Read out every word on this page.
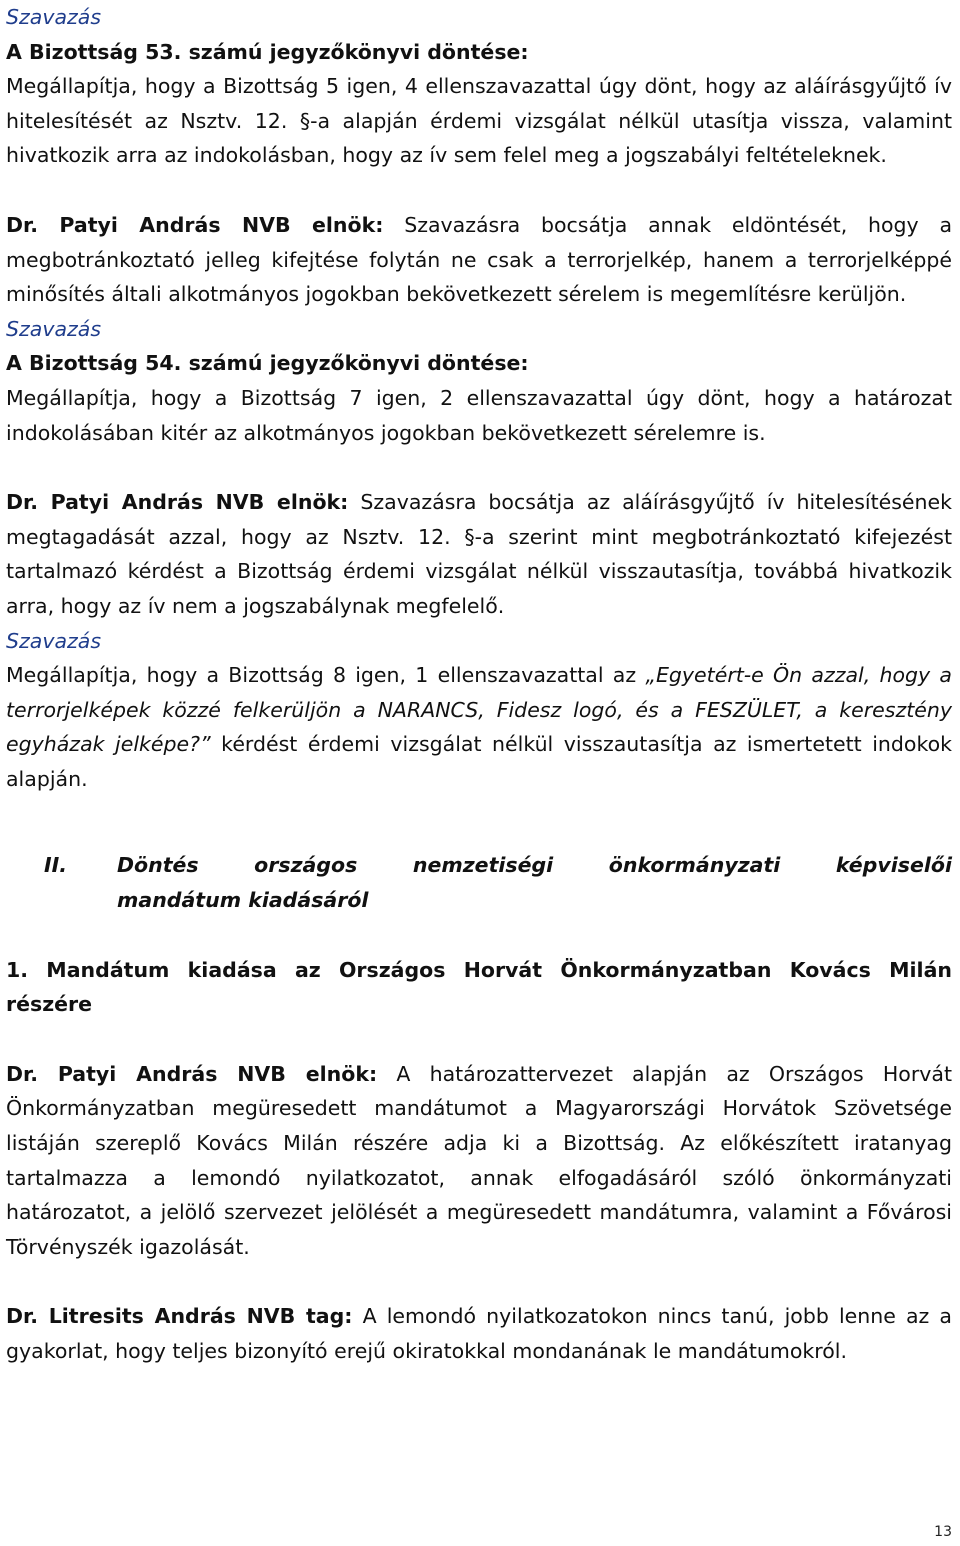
Szavazás

A Bizottság 53. számú jegyzőkönyvi döntése:

Megállapítja, hogy a Bizottság 5 igen, 4 ellenszavazattal úgy dönt, hogy az aláírásgyűjtő ív hitelesítését az Nsztv. 12. §-a alapján érdemi vizsgálat nélkül utasítja vissza, valamint hivatkozik arra az indokolásban, hogy az ív sem felel meg a jogszabályi feltételeknek.

Dr. Patyi András NVB elnök: Szavazásra bocsátja annak eldöntését, hogy a megbotránkoztató jelleg kifejtése folytán ne csak a terrorjelkép, hanem a terrorjelképpé minősítés általi alkotmányos jogokban bekövetkezett sérelem is megemlítésre kerüljön.

Szavazás

A Bizottság 54. számú jegyzőkönyvi döntése:

Megállapítja, hogy a Bizottság 7 igen, 2 ellenszavazattal úgy dönt, hogy a határozat indokolásában kitér az alkotmányos jogokban bekövetkezett sérelemre is.

Dr. Patyi András NVB elnök: Szavazásra bocsátja az aláírásgyűjtő ív hitelesítésének megtagadását azzal, hogy az Nsztv. 12. §-a szerint mint megbotránkoztató kifejezést tartalmazó kérdést a Bizottság érdemi vizsgálat nélkül visszautasítja, továbbá hivatkozik arra, hogy az ív nem a jogszabálynak megfelelő.

Szavazás

Megállapítja, hogy a Bizottság 8 igen, 1 ellenszavazattal az „Egyetért-e Ön azzal, hogy a terrorjelképek közzé felkerüljön a NARANCS, Fidesz logó, és a FESZÜLET, a keresztény egyházak jelképe?” kérdést érdemi vizsgálat nélkül visszautasítja az ismertetett indokok alapján.

II.	Döntés országos nemzetiségi önkormányzati képviselői
mandátum kiadásáról

1. Mandátum kiadása az Országos Horvát Önkormányzatban Kovács Milán részére

Dr. Patyi András NVB elnök: A határozattervezet alapján az Országos Horvát Önkormányzatban megüresedett mandátumot a Magyarországi Horvátok Szövetsége listáján szereplő Kovács Milán részére adja ki a Bizottság. Az előkészített iratanyag tartalmazza a lemondó nyilatkozatot, annak elfogadásáról szóló önkormányzati határozatot, a jelölő szervezet jelölését a megüresedett mandátumra, valamint a Fővárosi Törvényszék igazolását.

Dr. Litresits András NVB tag: A lemondó nyilatkozatokon nincs tanú, jobb lenne az a gyakorlat, hogy teljes bizonyító erejű okiratokkal mondanának le mandátumokról.

13
